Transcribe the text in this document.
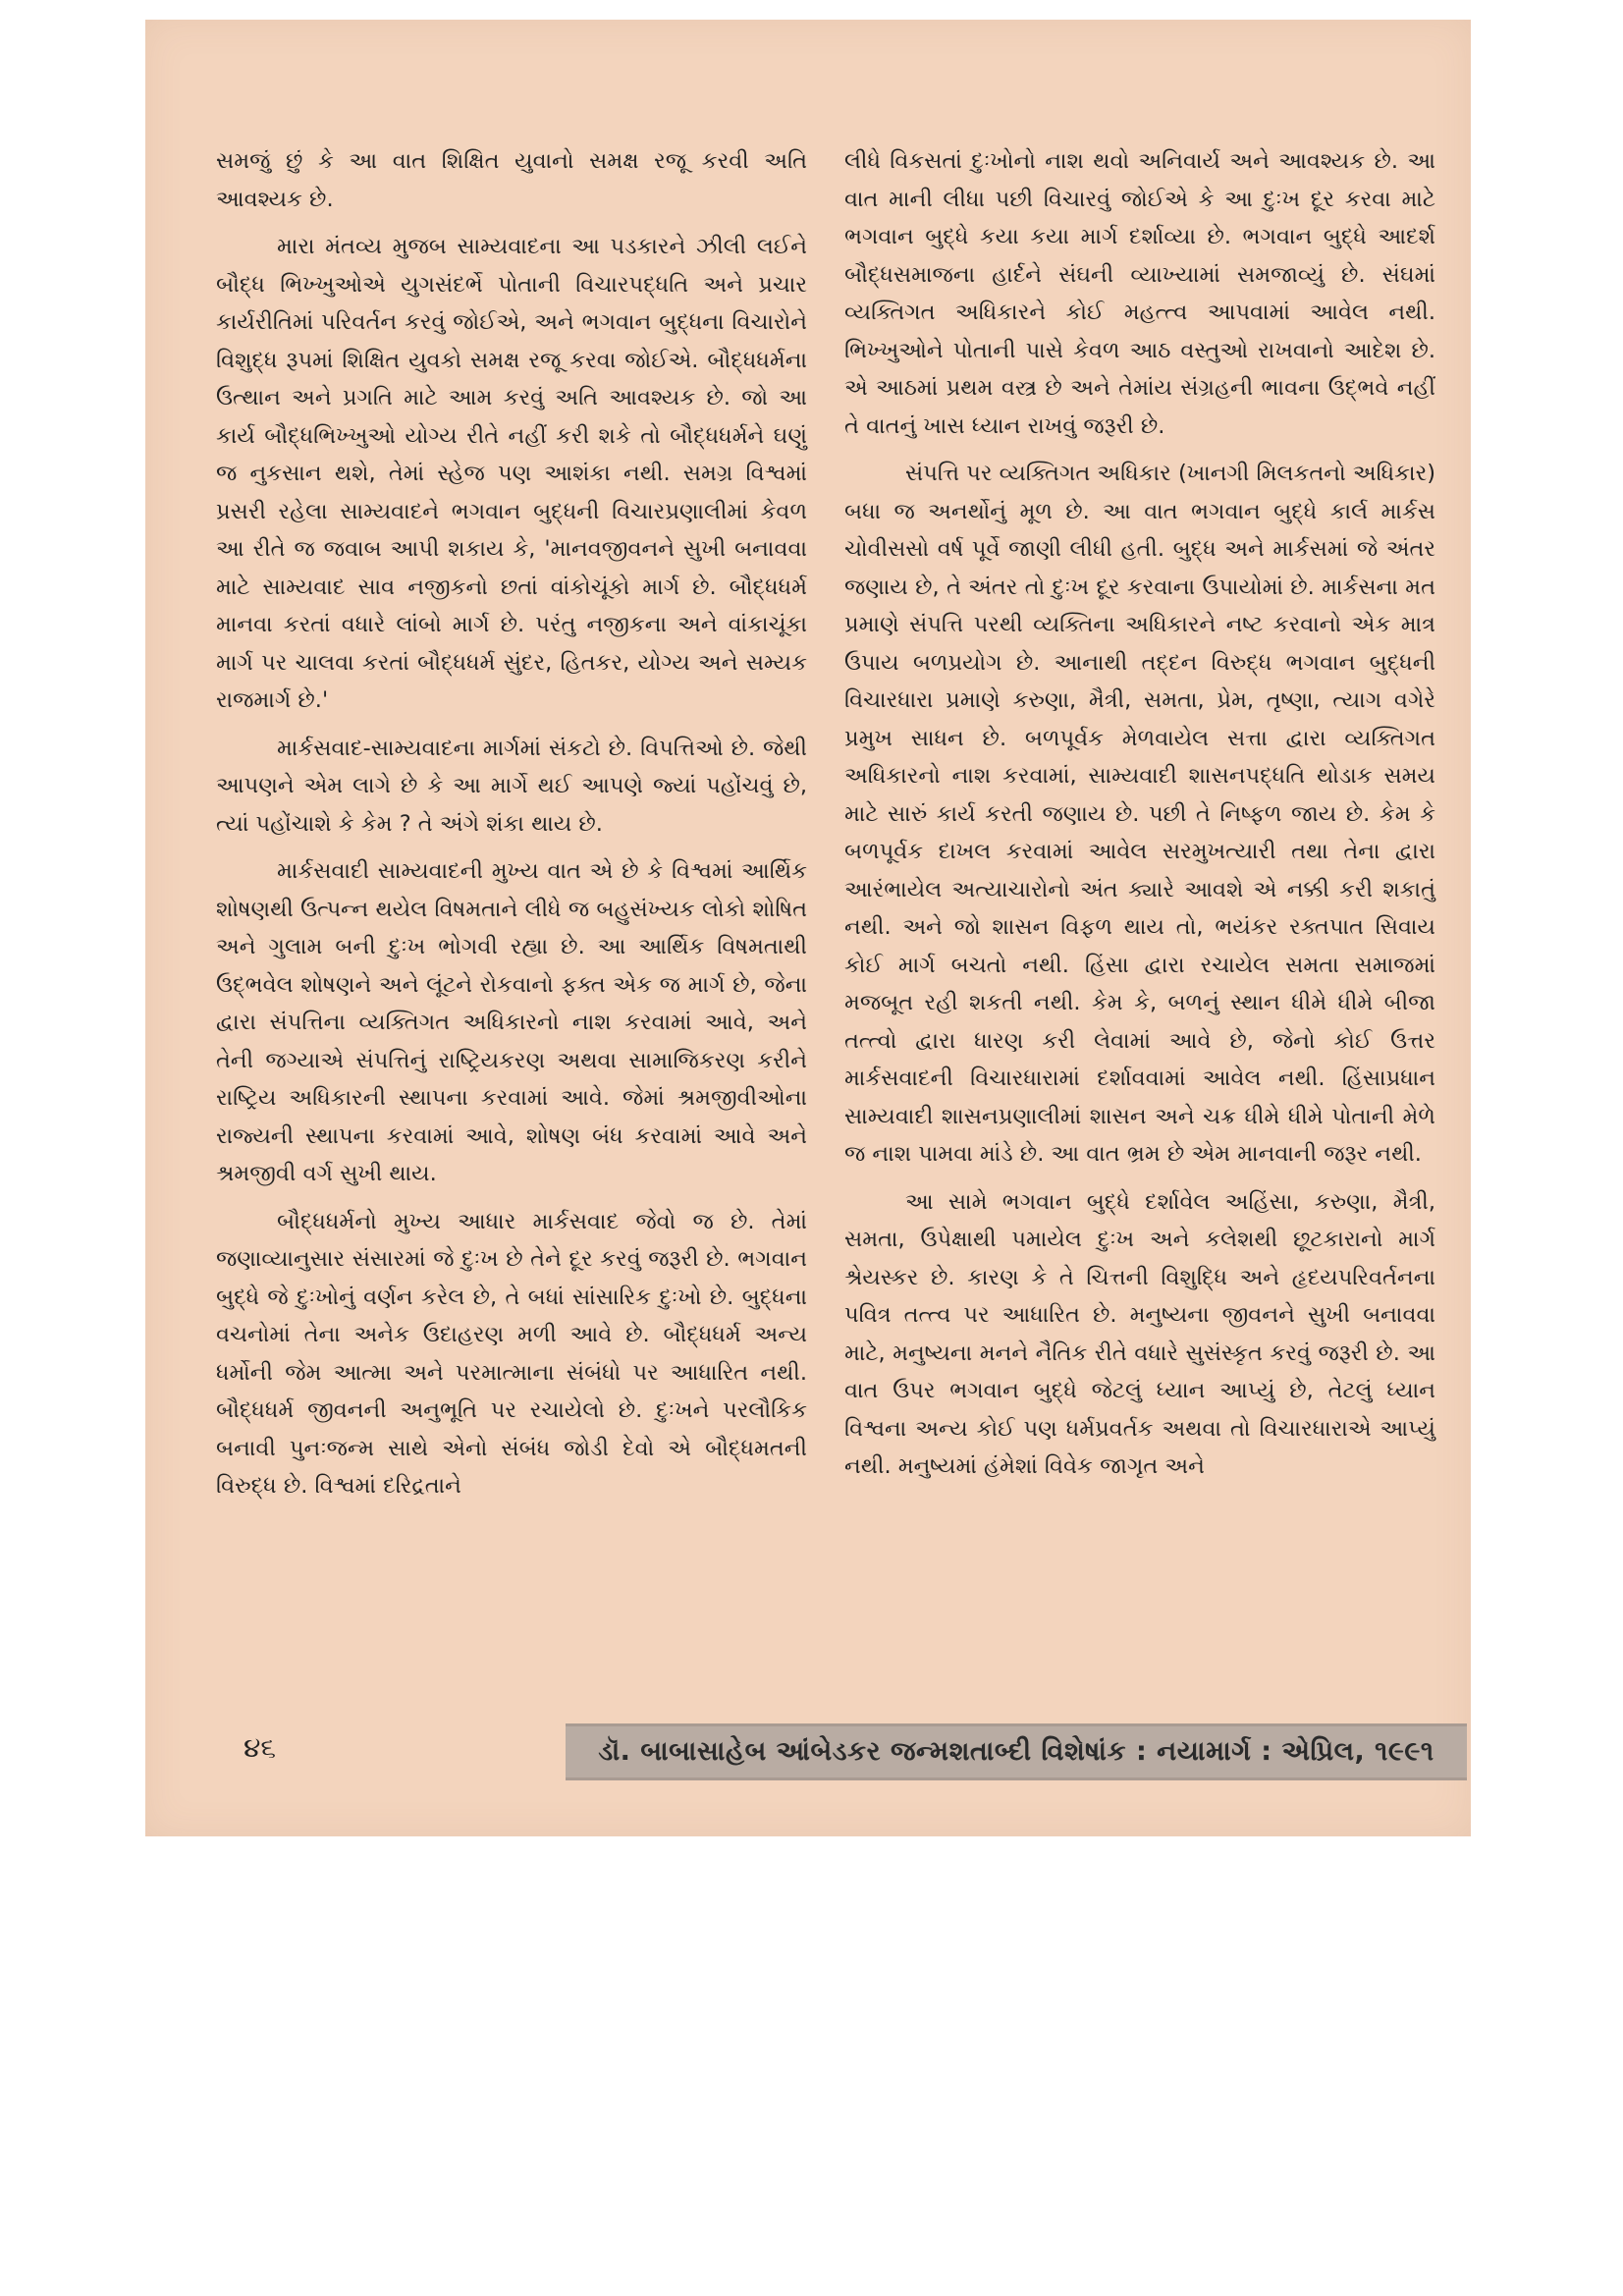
સમજું છું કે આ વાત શિક્ષિત યુવાનો સમક્ષ રજૂ કરવી અતિ આવશ્યક છે.

મારા મંતવ્ય મુજબ સામ્યવાદના આ પડકારને ઝીલી લઈને બૌદ્ધ ભિખ્ખુઓએ યુગસંદર્ભે પોતાની વિચારપદ્ધતિ અને પ્રચાર કાર્યરીતિમાં પરિવર્તન કરવું જોઈએ, અને ભગવાન બુદ્ધના વિચારોને વિશુદ્ધ રૂપમાં શિક્ષિત યુવકો સમક્ષ રજૂ કરવા જોઈએ. બૌદ્ધધર્મના ઉત્થાન અને પ્રગતિ માટે આમ કરવું અતિ આવશ્યક છે. જો આ કાર્ય બૌદ્ધભિખ્ખુઓ યોગ્ય રીતે નહીં કરી શકે તો બૌદ્ધધર્મને ઘણું જ નુકસાન થશે, તેમાં સ્હેજ પણ આશંકા નથી. સમગ્ર વિશ્વમાં પ્રસરી રહેલા સામ્યવાદને ભગવાન બુદ્ધની વિચારપ્રણાલીમાં કેવળ આ રીતે જ જવાબ આપી શકાય કે, 'માનવજીવનને સુખી બનાવવા માટે સામ્યવાદ સાવ નજીકનો છતાં વાંકોચૂંકો માર્ગ છે. બૌદ્ધધર્મ માનવા કરતાં વધારે લાંબો માર્ગ છે. પરંતુ નજીકના અને વાંકાચૂંકા માર્ગ પર ચાલવા કરતાં બૌદ્ધધર્મ સુંદર, હિતકર, યોગ્ય અને સમ્યક રાજમાર્ગ છે.'

માર્કસવાદ-સામ્યવાદના માર્ગમાં સંકટો છે. વિપત્તિઓ છે. જેથી આપણને એમ લાગે છે કે આ માર્ગે થઈ આપણે જ્યાં પહોંચવું છે, ત્યાં પહોંચાશે કે કેમ ? તે અંગે શંકા થાય છે.

માર્કસવાદી સામ્યવાદની મુખ્ય વાત એ છે કે વિશ્વમાં આર્થિક શોષણથી ઉત્પન્ન થયેલ વિષમતાને લીધે જ બહુસંખ્યક લોકો શોષિત અને ગુલામ બની દુઃખ ભોગવી રહ્યા છે. આ આર્થિક વિષમતાથી ઉદ્‌ભવેલ શોષણને અને લૂંટને રોકવાનો ફક્ત એક જ માર્ગ છે, જેના દ્વારા સંપત્તિના વ્યક્તિગત અધિકારનો નાશ કરવામાં આવે, અને તેની જગ્યાએ સંપત્તિનું રાષ્ટ્રિયકરણ અથવા સામાજિકરણ કરીને રાષ્ટ્રિય અધિકારની સ્થાપના કરવામાં આવે. જેમાં શ્રમજીવીઓના રાજ્યની સ્થાપના કરવામાં આવે, શોષણ બંધ કરવામાં આવે અને શ્રમજીવી વર્ગ સુખી થાય.

બૌદ્ધધર્મનો મુખ્ય આધાર માર્કસવાદ જેવો જ છે. તેમાં જણાવ્યાનુસાર સંસારમાં જે દુઃખ છે તેને દૂર કરવું જરૂરી છે. ભગવાન બુદ્ધે જે દુઃખોનું વર્ણન કરેલ છે, તે બધાં સાંસારિક દુઃખો છે. બુદ્ધના વચનોમાં તેના અનેક ઉદાહરણ મળી આવે છે. બૌદ્ધધર્મ અન્ય ધર્મોની જેમ આત્મા અને પરમાત્માના સંબંધો પર આધારિત નથી. બૌદ્ધધર્મ જીવનની અનુભૂતિ પર રચાયેલો છે. દુઃખને પરલૌકિક બનાવી પુનઃજન્મ સાથે એનો સંબંધ જોડી દેવો એ બૌદ્ધમતની વિરુદ્ધ છે. વિશ્વમાં દરિદ્રતાને

લીધે વિકસતાં દુઃખોનો નાશ થવો અનિવાર્ય અને આવશ્યક છે. આ વાત માની લીધા પછી વિચારવું જોઈએ કે આ દુઃખ દૂર કરવા માટે ભગવાન બુદ્ધે કયા કયા માર્ગ દર્શાવ્યા છે. ભગવાન બુદ્ધે આદર્શ બૌદ્ધસમાજના હાર્દને સંઘની વ્યાખ્યામાં સમજાવ્યું છે. સંઘમાં વ્યક્તિગત અધિકારને કોઈ મહત્ત્વ આપવામાં આવેલ નથી. ભિખ્ખુઓને પોતાની પાસે કેવળ આઠ વસ્તુઓ રાખવાનો આદેશ છે. એ આઠમાં પ્રથમ વસ્ત્ર છે અને તેમાંય સંગ્રહની ભાવના ઉદ્‌ભવે નહીં તે વાતનું ખાસ ધ્યાન રાખવું જરૂરી છે.

સંપત્તિ પર વ્યક્તિગત અધિકાર (ખાનગી મિલકતનો અધિકાર) બધા જ અનર્થોનું મૂળ છે. આ વાત ભગવાન બુદ્ધે કાર્લ માર્કસ ચોવીસસો વર્ષ પૂર્વે જાણી લીધી હતી. બુદ્ધ અને માર્કસમાં જે અંતર જણાય છે, તે અંતર તો દુઃખ દૂર કરવાના ઉપાયોમાં છે. માર્કસના મત પ્રમાણે સંપત્તિ પરથી વ્યક્તિના અધિકારને નષ્ટ કરવાનો એક માત્ર ઉપાય બળપ્રયોગ છે. આનાથી તદ્દન વિરુદ્ધ ભગવાન બુદ્ધની વિચારધારા પ્રમાણે કરુણા, મૈત્રી, સમતા, પ્રેમ, તૃષ્ણા, ત્યાગ વગેરે પ્રમુખ સાધન છે. બળપૂર્વક મેળવાયેલ સત્તા દ્વારા વ્યક્તિગત અધિકારનો નાશ કરવામાં, સામ્યવાદી શાસનપદ્ધતિ થોડાક સમય માટે સારું કાર્ય કરતી જણાય છે. પછી તે નિષ્ફળ જાય છે. કેમ કે બળપૂર્વક દાખલ કરવામાં આવેલ સરમુખત્યારી તથા તેના દ્વારા આરંભાયેલ અત્યાચારોનો અંત ક્યારે આવશે એ નક્કી કરી શકાતું નથી. અને જો શાસન વિફળ થાય તો, ભયંકર રક્તપાત સિવાય કોઈ માર્ગ બચતો નથી. હિંસા દ્વારા રચાયેલ સમતા સમાજમાં મજબૂત રહી શકતી નથી. કેમ કે, બળનું સ્થાન ધીમે ધીમે બીજા તત્ત્વો દ્વારા ધારણ કરી લેવામાં આવે છે, જેનો કોઈ ઉત્તર માર્કસવાદની વિચારધારામાં દર્શાવવામાં આવેલ નથી. હિંસાપ્રધાન સામ્યવાદી શાસનપ્રણાલીમાં શાસન અને ચક્ર ધીમે ધીમે પોતાની મેળે જ નાશ પામવા માંડે છે. આ વાત ભ્રમ છે એમ માનવાની જરૂર નથી.

આ સામે ભગવાન બુદ્ધે દર્શાવેલ અહિંસા, કરુણા, મૈત્રી, સમતા, ઉપેક્ષાથી પમાયેલ દુઃખ અને કલેશથી છૂટકારાનો માર્ગ શ્રેયસ્કર છે. કારણ કે તે ચિત્તની વિશુદ્ધિ અને હૃદયપરિવર્તનના પવિત્ર તત્ત્વ પર આધારિત છે. મનુષ્યના જીવનને સુખી બનાવવા માટે, મનુષ્યના મનને નૈતિક રીતે વધારે સુસંસ્કૃત કરવું જરૂરી છે. આ વાત ઉપર ભગવાન બુદ્ધે જેટલું ધ્યાન આપ્યું છે, તેટલું ધ્યાન વિશ્વના અન્ય કોઈ પણ ધર્મપ્રવર્તક અથવા તો વિચારધારાએ આપ્યું નથી. મનુષ્યમાં હંમેશાં વિવેક જાગૃત અને

૪૬	ડૉ. બાબાસાહેબ આંબેડકર જન્મશતાબ્દી વિશેષાંક : નયામાર્ગ : એપ્રિલ, ૧૯૯૧
